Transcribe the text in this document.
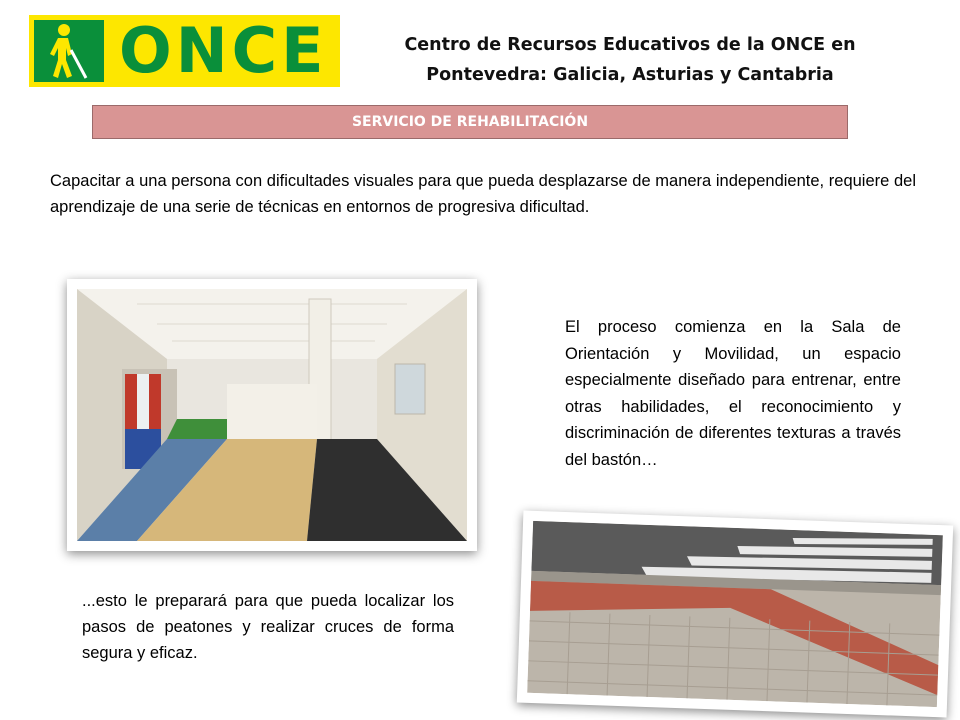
ONCE	Centro de Recursos Educativos de la ONCE en
Pontevedra: Galicia, Asturias y Cantabria
SERVICIO DE REHABILITACIÓN
Capacitar a una persona con dificultades visuales para que pueda desplazarse de manera independiente, requiere del aprendizaje de una serie de técnicas en entornos de progresiva dificultad.
El proceso comienza en la Sala de Orientación y Movilidad, un espacio especialmente diseñado para entrenar, entre otras habilidades, el reconocimiento y discriminación de diferentes texturas a través del bastón…
...esto le preparará para que pueda localizar los pasos de peatones y realizar cruces de forma segura y eficaz.
